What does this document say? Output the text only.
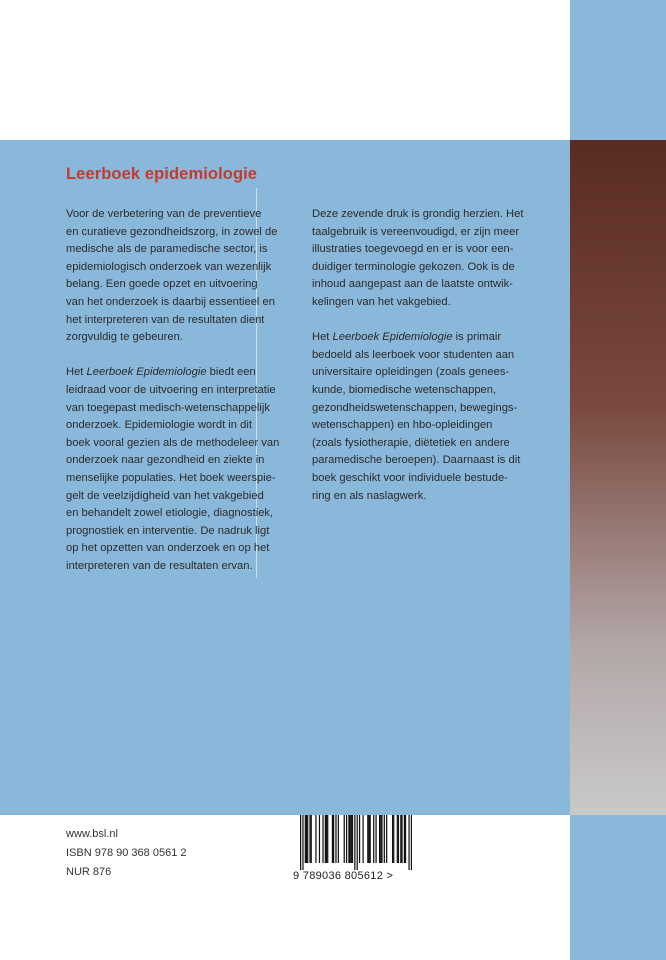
Leerboek epidemiologie

Voor de verbetering van de preventieve
en curatieve gezondheidszorg, in zowel de
medische als de paramedische sector, is
epidemiologisch onderzoek van wezenlijk
belang. Een goede opzet en uitvoering
van het onderzoek is daarbij essentieel en
het interpreteren van de resultaten dient
zorgvuldig te gebeuren.

Het Leerboek Epidemiologie biedt een
leidraad voor de uitvoering en interpretatie
van toegepast medisch-wetenschappelijk
onderzoek. Epidemiologie wordt in dit
boek vooral gezien als de methodeleer van
onderzoek naar gezondheid en ziekte in
menselijke populaties. Het boek weerspie-
gelt de veelzijdigheid van het vakgebied
en behandelt zowel etiologie, diagnostiek,
prognostiek en interventie. De nadruk ligt
op het opzetten van onderzoek en op het
interpreteren van de resultaten ervan.

Deze zevende druk is grondig herzien. Het
taalgebruik is vereenvoudigd, er zijn meer
illustraties toegevoegd en er is voor een-
duidiger terminologie gekozen. Ook is de
inhoud aangepast aan de laatste ontwik-
kelingen van het vakgebied.

Het Leerboek Epidemiologie is primair
bedoeld als leerboek voor studenten aan
universitaire opleidingen (zoals genees-
kunde, biomedische wetenschappen,
gezondheidswetenschappen, bewegings-
wetenschappen) en hbo-opleidingen
(zoals fysiotherapie, diëtetiek en andere
paramedische beroepen). Daarnaast is dit
boek geschikt voor individuele bestude-
ring en als naslagwerk.

www.bsl.nl
ISBN 978 90 368 0561 2
NUR 876	9 789036 805612 >
